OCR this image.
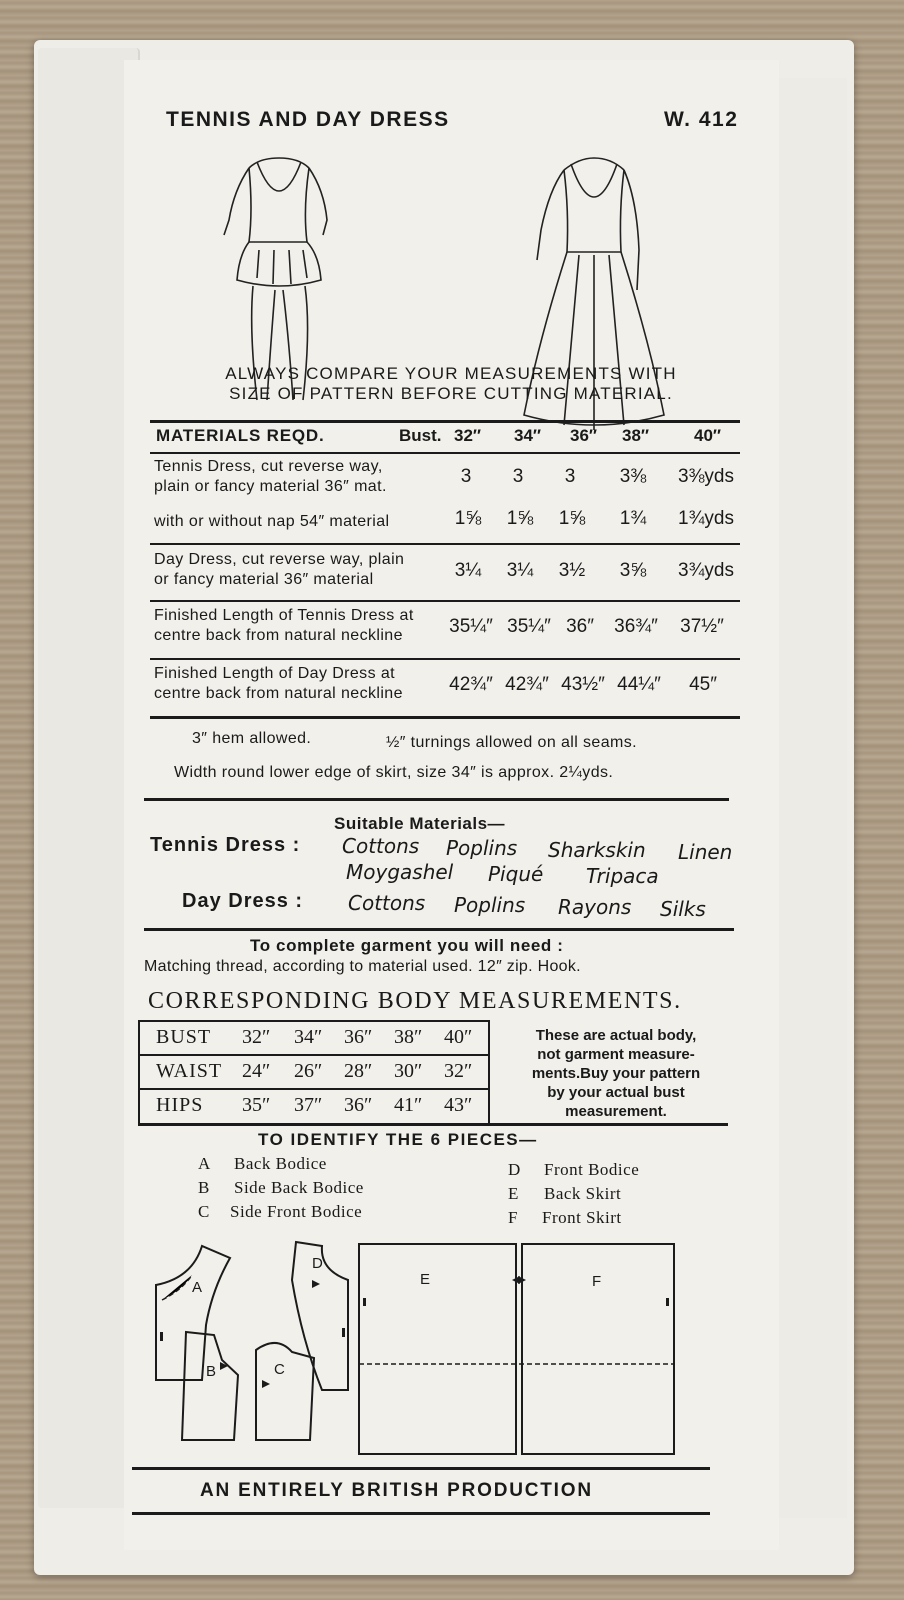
TENNIS AND DAY DRESS	W. 412
ALWAYS COMPARE YOUR MEASUREMENTS WITH
SIZE OF PATTERN BEFORE CUTTING MATERIAL.
MATERIALS REQD.	Bust. 32″ 34″ 36″ 38″	40″
Tennis Dress, cut reverse way,
plain or fancy material 36″ mat.	3	3	3	3⅜	3⅜yds
with or without nap 54″ material	1⅝	1⅝	1⅝	1¾	1¾yds
Day Dress, cut reverse way, plain
or fancy material 36″ material	3¼	3¼	3½	3⅝	3¾yds
Finished Length of Tennis Dress at
centre back from natural neckline 35¼″ 35¼″ 36″	36¾″	37½″
Finished Length of Day Dress at
centre back from natural neckline 42¾″ 42¾″ 43½″ 44¼″	45″
3″ hem allowed.	½″ turnings allowed on all seams.
Width round lower edge of skirt, size 34″ is approx. 2¼yds.
Suitable Materials—
Tennis Dress : Cottons Poplins Sharkskin Linen
Moygashel Piqué Tripaca
Day Dress : Cottons Poplins Rayons Silks
To complete garment you will need :
Matching thread, according to material used. 12″ zip. Hook.
CORRESPONDING BODY MEASUREMENTS.
BUST 32″ 34″ 36″ 38″ 40″
WAIST 24″ 26″ 28″ 30″ 32″
HIPS 35″ 37″ 36″ 41″ 43″
These are actual body,
not garment measure-
ments.Buy your pattern
by your actual bust
measurement.
TO IDENTIFY THE 6 PIECES—
A Back Bodice
B Side Back Bodice
C Side Front Bodice
D Front Bodice
E Back Skirt
F Front Skirt
A
B	C
D
E	F
AN ENTIRELY BRITISH PRODUCTION
